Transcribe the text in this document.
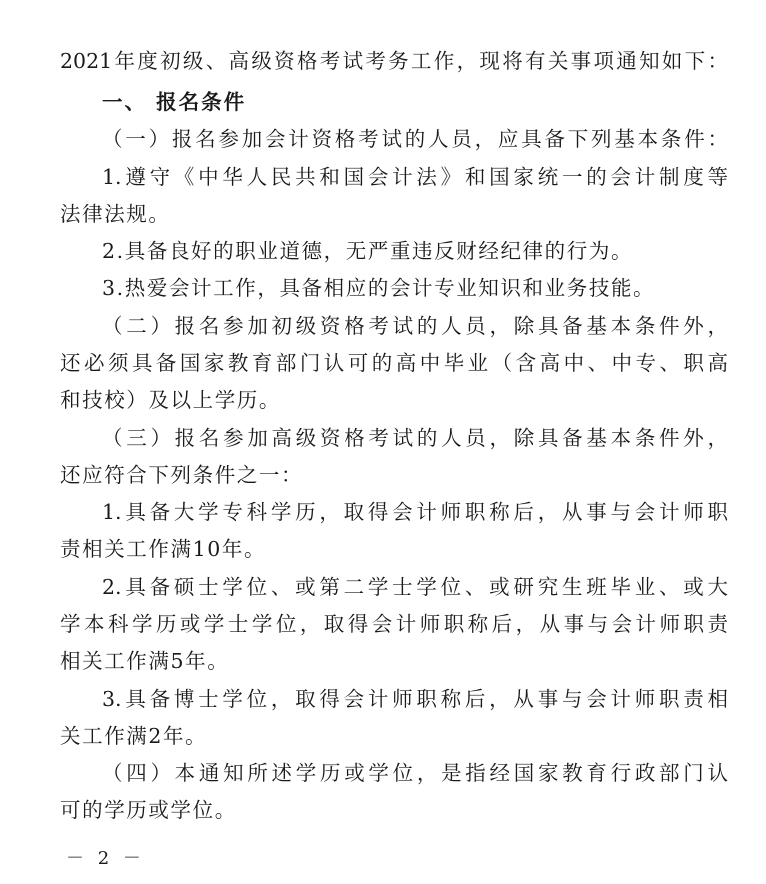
2021年度初级、高级资格考试考务工作，现将有关事项通知如下：
一、 报名条件
（一）报名参加会计资格考试的人员，应具备下列基本条件：
1.遵守《中华人民共和国会计法》和国家统一的会计制度等
法律法规。
2.具备良好的职业道德，无严重违反财经纪律的行为。
3.热爱会计工作，具备相应的会计专业知识和业务技能。
（二）报名参加初级资格考试的人员，除具备基本条件外，
还必须具备国家教育部门认可的高中毕业（含高中、中专、职高
和技校）及以上学历。
（三）报名参加高级资格考试的人员，除具备基本条件外，
还应符合下列条件之一：
1.具备大学专科学历，取得会计师职称后，从事与会计师职
责相关工作满10年。
2.具备硕士学位、或第二学士学位、或研究生班毕业、或大
学本科学历或学士学位，取得会计师职称后，从事与会计师职责
相关工作满5年。
3.具备博士学位，取得会计师职称后，从事与会计师职责相
关工作满2年。
（四）本通知所述学历或学位，是指经国家教育行政部门认
可的学历或学位。
－ 2 －
